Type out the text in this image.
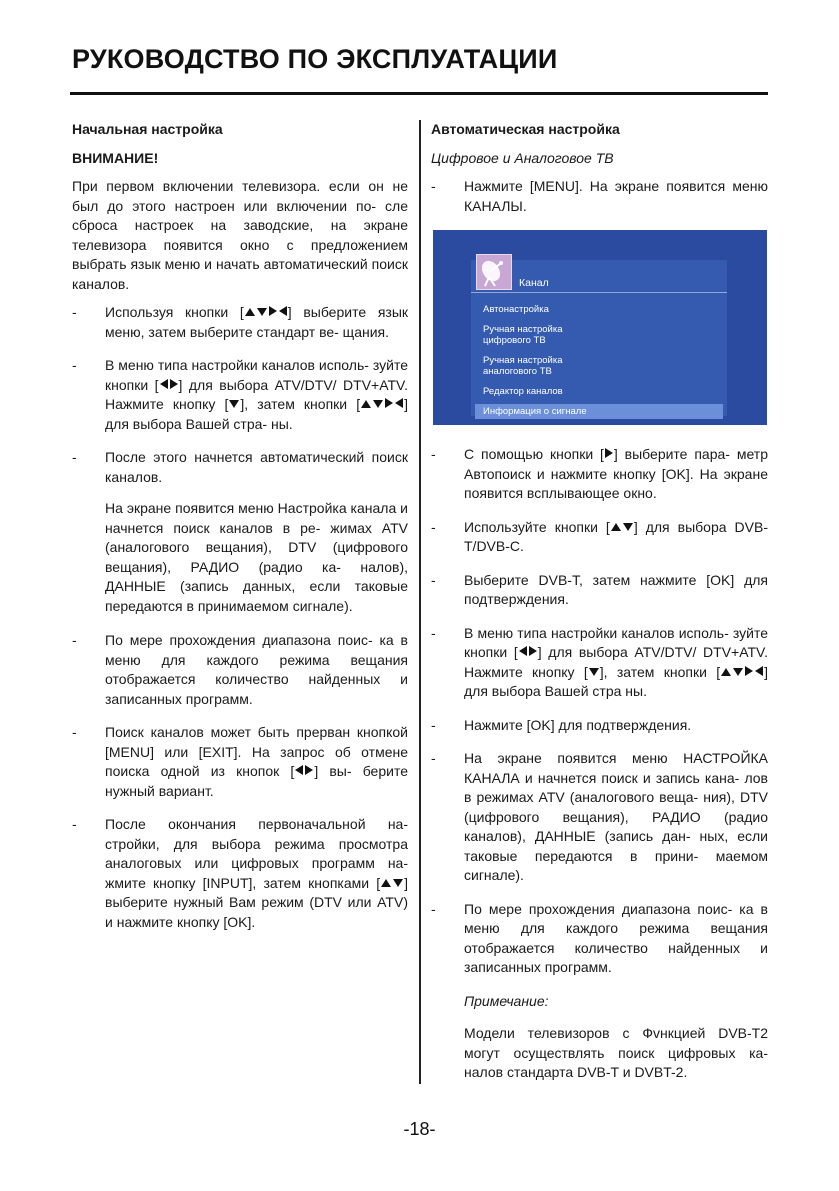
РУКОВОДСТВО ПО ЭКСПЛУАТАЦИИ

Начальная настройка

ВНИМАНИЕ!

При первом включении телевизора. если он не был до этого настроен или включении по- сле сброса настроек на заводские, на экране телевизора появится окно с предложением выбрать язык меню и начать автоматический поиск каналов.

- Используя кнопки [	] выберите язык меню, затем выберите стандарт ве- щания.
- В меню типа настройки каналов исполь- зуйте кнопки [ ] для выбора ATV/DTV/ DTV+ATV. Нажмите кнопку [ ], затем кнопки [	] для выбора Вашей стра- ны.
- После этого начнется автоматический поиск каналов.

На экране появится меню Настройка канала и начнется поиск каналов в ре- жимах ATV (аналогового вещания), DTV (цифрового вещания), РАДИО (радио ка- налов), ДАННЫЕ (запись данных, если таковые передаются в принимаемом сигнале).

- По мере прохождения диапазона поис- ка в меню для каждого режима вещания отображается количество найденных и записанных программ.
- Поиск каналов может быть прерван кнопкой [MENU] или [EXIT]. На запрос об отмене поиска одной из кнопок [ ] вы- берите нужный вариант.
- После окончания первоначальной на- стройки, для выбора режима просмотра аналоговых или цифровых программ на- жмите кнопку [INPUT], затем кнопками [ ] выберите нужный Вам режим (DTV или ATV) и нажмите кнопку [OK].

Автоматическая настройка

Цифровое и Аналоговое ТВ

- Нажмите [MENU]. На экране появится меню КАНАЛЫ.
Канал
Автонастройка
Ручная настройка цифрового ТВ
Ручная настройка аналогового ТВ
Редактор каналов
Информация о сигнале
- С помощью кнопки [ ] выберите пара- метр Автопоиск и нажмите кнопку [OK]. На экране появится всплывающее окно.
- Используйте кнопки [ ] для выбора DVB- T/DVB-C.
- Выберите DVB-T, затем нажмите [OK] для подтверждения.
- В меню типа настройки каналов исполь- зуйте кнопки [ ] для выбора ATV/DTV/ DTV+ATV. Нажмите кнопку [ ], затем кнопки [	] для выбора Вашей стра ны.
- Нажмите [OK] для подтверждения.
- На экране появится меню НАСТРОЙКА КАНАЛА и начнется поиск и запись кана- лов в режимах ATV (аналогового веща- ния), DTV (цифрового вещания), РАДИО (радио каналов), ДАННЫЕ (запись дан- ных, если таковые передаются в прини- маемом сигнале).
- По мере прохождения диапазона поис- ка в меню для каждого режима вещания отображается количество найденных и записанных программ.

Примечание:

Модели телевизоров с Фvнкцией DVB-T2 могут осуществлять поиск цифровых ка- налов стандарта DVB-T и DVBT-2.

-18-
